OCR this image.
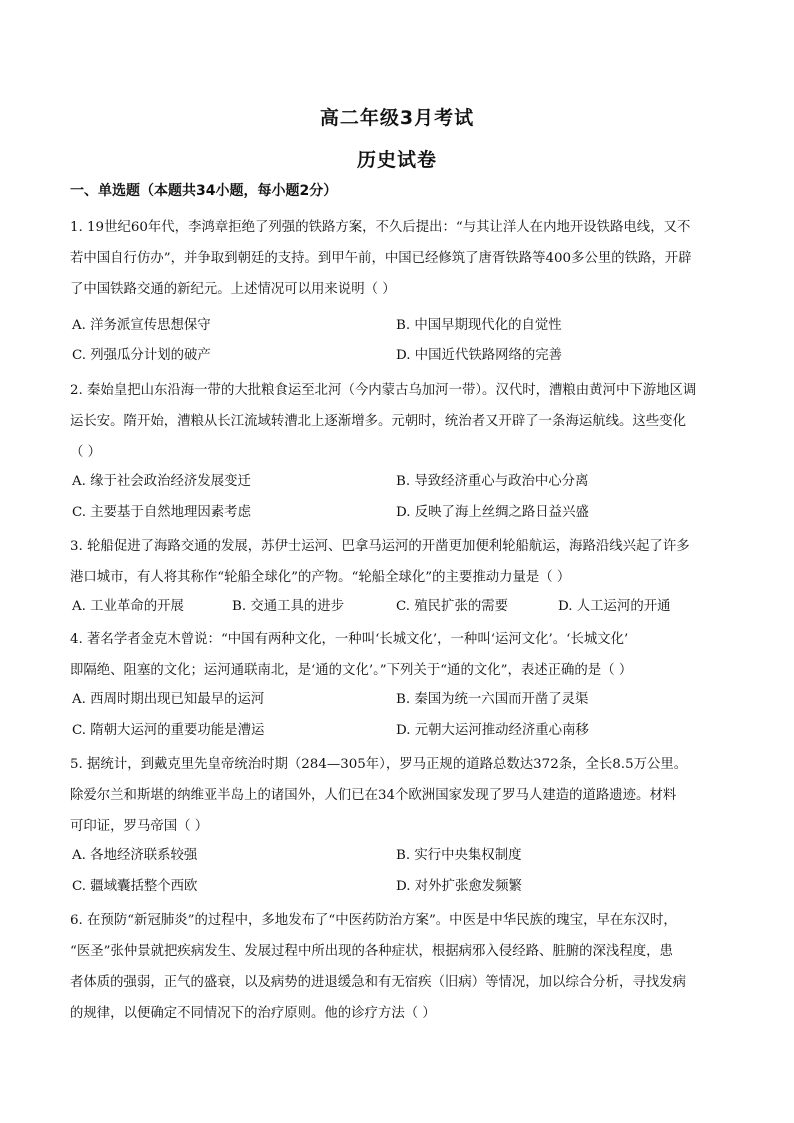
高二年级3月考试
历史试卷
一、单选题（本题共34小题，每小题2分）
1. 19世纪60年代，李鸿章拒绝了列强的铁路方案，不久后提出：“与其让洋人在内地开设铁路电线，又不
若中国自行仿办”，并争取到朝廷的支持。到甲午前，中国已经修筑了唐胥铁路等400多公里的铁路，开辟
了中国铁路交通的新纪元。上述情况可以用来说明（ ）
A. 洋务派宣传思想保守	B. 中国早期现代化的自觉性
C. 列强瓜分计划的破产	D. 中国近代铁路网络的完善
2. 秦始皇把山东沿海一带的大批粮食运至北河（今内蒙古乌加河一带）。汉代时，漕粮由黄河中下游地区调
运长安。隋开始，漕粮从长江流域转漕北上逐渐增多。元朝时，统治者又开辟了一条海运航线。这些变化
（ ）
A. 缘于社会政治经济发展变迁	B. 导致经济重心与政治中心分离
C. 主要基于自然地理因素考虑	D. 反映了海上丝绸之路日益兴盛
3. 轮船促进了海路交通的发展，苏伊士运河、巴拿马运河的开凿更加便利轮船航运，海路沿线兴起了许多
港口城市，有人将其称作“轮船全球化”的产物。“轮船全球化”的主要推动力量是（ ）
A. 工业革命的开展	B. 交通工具的进步	C. 殖民扩张的需要	D. 人工运河的开通
4. 著名学者金克木曾说：“中国有两种文化，一种叫‘长城文化’，一种叫‘运河文化’。‘长城文化’
即隔绝、阻塞的文化；运河通联南北，是‘通的文化’。”下列关于“通的文化”，表述正确的是（ ）
A. 西周时期出现已知最早的运河	B. 秦国为统一六国而开凿了灵渠
C. 隋朝大运河的重要功能是漕运	D. 元朝大运河推动经济重心南移
5. 据统计，到戴克里先皇帝统治时期（284—305年），罗马正规的道路总数达372条，全长8.5万公里。
除爱尔兰和斯堪的纳维亚半岛上的诸国外，人们已在34个欧洲国家发现了罗马人建造的道路遗迹。材料
可印证，罗马帝国（ ）
A. 各地经济联系较强	B. 实行中央集权制度
C. 疆域囊括整个西欧	D. 对外扩张愈发频繁
6. 在预防“新冠肺炎”的过程中，多地发布了“中医药防治方案”。中医是中华民族的瑰宝，早在东汉时，
“医圣”张仲景就把疾病发生、发展过程中所出现的各种症状，根据病邪入侵经路、脏腑的深浅程度，患
者体质的强弱，正气的盛衰，以及病势的进退缓急和有无宿疾（旧病）等情况，加以综合分析，寻找发病
的规律，以便确定不同情况下的治疗原则。他的诊疗方法（ ）
